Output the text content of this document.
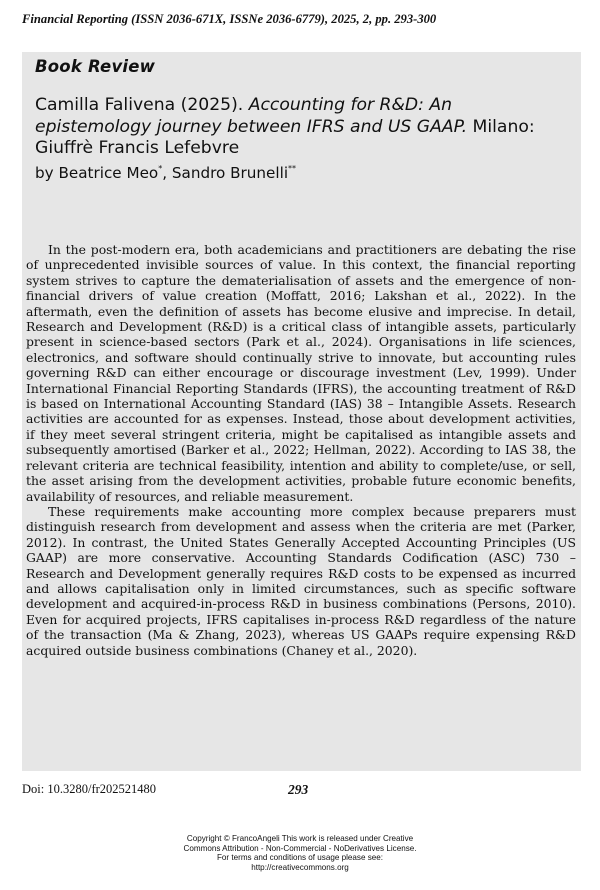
Financial Reporting (ISSN 2036-671X, ISSNe 2036-6779), 2025, 2, pp. 293-300
Book Review
Camilla Falivena (2025). Accounting for R&D: An epistemology journey between IFRS and US GAAP. Milano: Giuffrè Francis Lefebvre
by Beatrice Meo*, Sandro Brunelli**

In the post-modern era, both academicians and practitioners are debating the rise of unprecedented invisible sources of value. In this context, the financial reporting system strives to capture the dematerialisation of assets and the emergence of non-financial drivers of value creation (Moffatt, 2016; Lakshan et al., 2022). In the aftermath, even the definition of assets has become elusive and imprecise. In detail, Research and Development (R&D) is a critical class of intangible assets, particularly present in science-based sectors (Park et al., 2024). Organisations in life sciences, electronics, and software should continually strive to innovate, but accounting rules governing R&D can either encourage or discourage investment (Lev, 1999). Under International Financial Reporting Standards (IFRS), the accounting treatment of R&D is based on International Accounting Standard (IAS) 38 – Intangible Assets. Research activities are accounted for as expenses. Instead, those about development activities, if they meet several stringent criteria, might be capitalised as intangible assets and subsequently amortised (Barker et al., 2022; Hellman, 2022). According to IAS 38, the relevant criteria are technical feasibility, intention and ability to complete/use, or sell, the asset arising from the development activities, probable future economic benefits, availability of resources, and reliable measurement.

These requirements make accounting more complex because preparers must distinguish research from development and assess when the criteria are met (Parker, 2012). In contrast, the United States Generally Accepted Accounting Principles (US GAAP) are more conservative. Accounting Standards Codification (ASC) 730 – Research and Development generally requires R&D costs to be expensed as incurred and allows capitalisation only in limited circumstances, such as specific software development and acquired-in-process R&D in business combinations (Persons, 2010). Even for acquired projects, IFRS capitalises in-process R&D regardless of the nature of the transaction (Ma & Zhang, 2023), whereas US GAAPs require expensing R&D acquired outside business combinations (Chaney et al., 2020).

Doi: 10.3280/fr202521480	293
Copyright © FrancoAngeli This work is released under Creative
Commons Attribution - Non-Commercial - NoDerivatives License.
For terms and conditions of usage please see:
http://creativecommons.org
